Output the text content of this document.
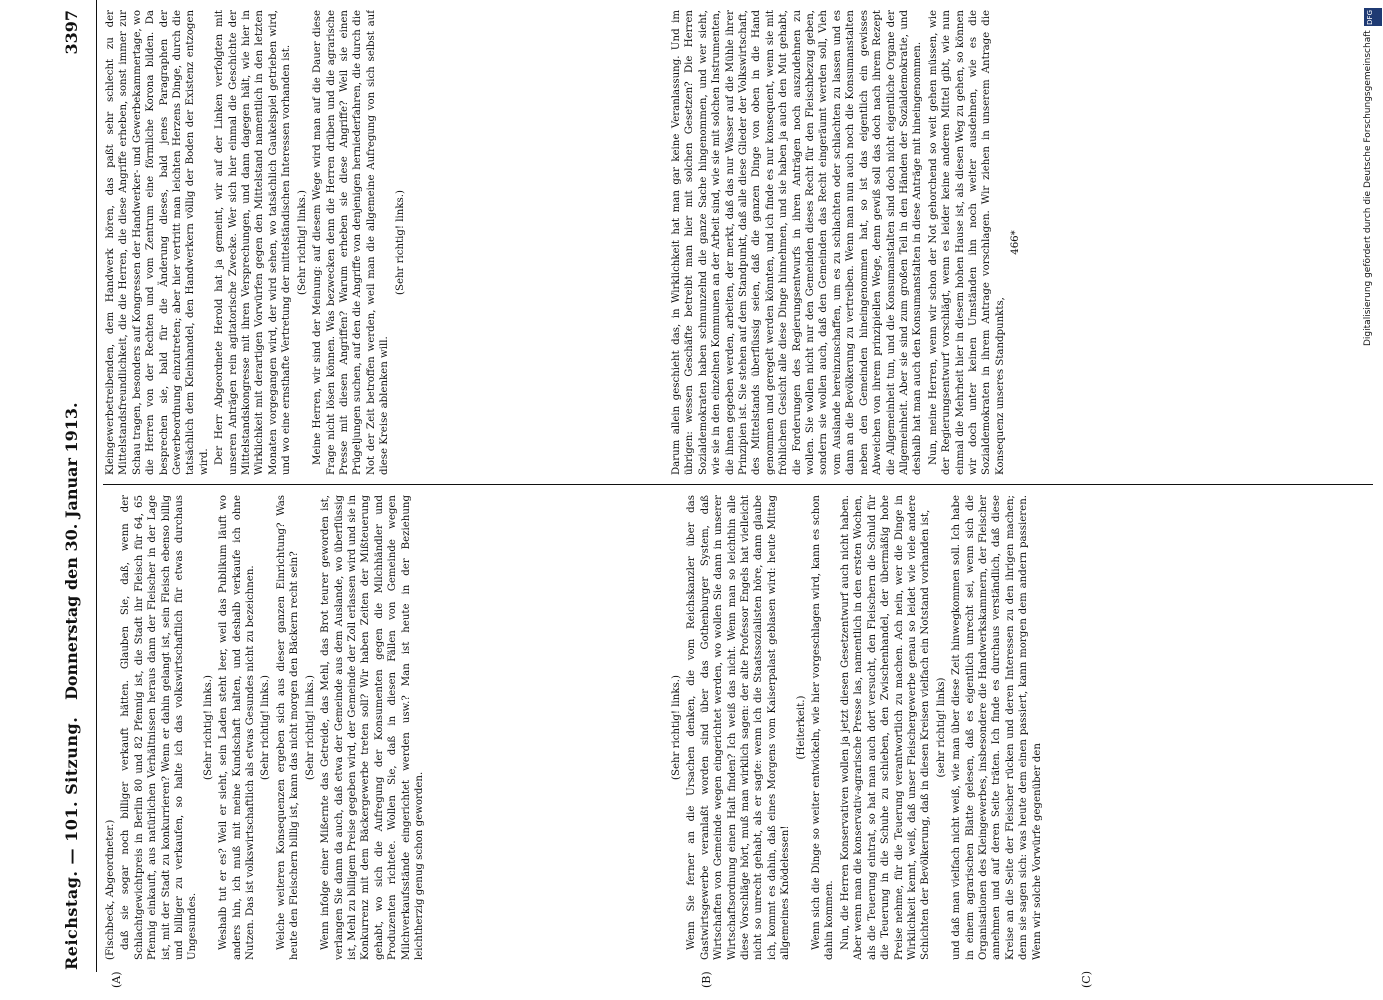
Reichstag. — 101. Sitzung.
Donnerstag den 30. Januar 1913.
3397
(A)	(B)	(C)

(Fischbeck, Abgeordneter.) daß sie sogar noch billiger verkauft hätten. Glauben Sie, daß, wenn der Schlachtgewichtpreis in Berlin 80 und 82 Pfennig ist, die Stadt ihr Fleisch für 64, 65 Pfennig einkauft, aus natürlichen Verhältnissen heraus dann der Fleischer in der Lage ist, mit der Stadt zu konkurrieren? Wenn er dahin gelangt ist, sein Fleisch ebenso billig und billiger zu verkaufen, so halte ich das volkswirtschaftlich für etwas durchaus Ungesundes.

(Sehr richtig! links.) Weshalb tut er es? Weil er sieht, sein Laden steht leer, weil das Publikum läuft wo anders hin, ich muß mit meine Kundschaft halten, und deshalb verkaufe ich ohne Nutzen. Das ist volkswirtschaftlich als etwas Gesundes nicht zu bezeichnen. (Sehr richtig! links.) Welche weiteren Konsequenzen ergeben sich aus dieser ganzen Einrichtung? Was heute den Fleischern billig ist, kann das nicht morgen den Bäckern recht sein? (Sehr richtig! links.) Wenn infolge einer Mißernte das Getreide, das Mehl, das Brot teurer geworden ist, verlangen Sie dann da auch, daß etwa der Gemeinde aus dem Auslande, wo überflüssig ist, Mehl zu billigem Preise gegeben wird, der Gemeinde der Zoll erlassen wird und sie in Konkurrenz mit dem Bäckergewerbe treten soll? Wir haben Zeiten der Mißteuerung gehabt, wo sich die Aufregung der Konsumenten gegen die Milchhändler und Produzenten richtete. Wollen Sie, daß in diesen Fällen von Gemeinde wegen Milchverkaufsstände eingerichtet werden usw.? Man ist heute in der Beziehung leichtherzig genug schon geworden.

(Sehr richtig! links.) Wenn Sie ferner an die Ursachen denken, die vom Reichskanzler über das Gastwirtsgewerbe veranlaßt worden sind über das Gothenburger System, daß Wirtschaften von Gemeinde wegen eingerichtet werden, wo wollen Sie dann in unserer Wirtschaftsordnung einen Halt finden? Ich weiß das nicht. Wenn man so leichthin alle diese Vorschläge hört, muß man wirklich sagen: der alte Professor Engels hat vielleicht nicht so unrecht gehabt, als er sagte: wenn ich die Staatssozialisten höre, dann glaube ich, kommt es dahin, daß eines Morgens vom Kaiserpalast geblasen wird: heute Mittag allgemeines Knödelessen!

(Heiterkeit.) Wenn sich die Dinge so weiter entwickeln, wie hier vorgeschlagen wird, kann es schon dahin kommen. Nun, die Herren Konservativen wollen ja jetzt diesen Gesetzentwurf auch nicht haben. Aber wenn man die konservativ-agrarische Presse las, namentlich in den ersten Wochen, als die Teuerung eintrat, so hat man auch dort versucht, den Fleischern die Schuld für die Teuerung in die Schuhe zu schieben, den Zwischenhandel, der übermäßig hohe Preise nehme, für die Teuerung verantwortlich zu machen. Ach nein, wer die Dinge in Wirklichkeit kennt, weiß, daß unser Fleischergewerbe genau so leidet wie viele andere Schichten der Bevölkerung, daß in diesen Kreisen vielfach ein Notstand vorhanden ist, (sehr richtig! links) und daß man vielfach nicht weiß, wie man über diese Zeit hinwegkommen soll. Ich habe in einem agrarischen Blatte gelesen, daß es eigentlich unrecht sei, wenn sich die Organisationen des Kleingewerbes, insbesondere die Handwerkskammern, der Fleischer annehmen und auf deren Seite träten. Ich finde es durchaus verständlich, daß diese Kreise an die Seite der Fleischer rücken und deren Interessen zu den ihrigen machen; denn sie sagen sich: was heute dem einen passiert, kann morgen dem andern passieren. Wenn wir solche Vorwürfe gegenüber den

Kleingewerbetreibenden, dem Handwerk hören, das paßt sehr schlecht zu der Mittelstandsfreundlichkeit, die die Herren, die diese Angriffe erheben, sonst immer zur Schau tragen, besonders auf Kongressen der Handwerker- und Gewerbekammertage, wo die Herren von der Rechten und vom Zentrum eine förmliche Korona bilden. Da besprechen sie, bald für die Änderung dieses, bald jenes Paragraphen der Gewerbeordnung einzutreten; aber hier vertritt man leichten Herzens Dinge, durch die tatsächlich dem Kleinhandel, den Handwerkern völlig der Boden der Existenz entzogen wird. Der Herr Abgeordnete Herold hat ja gemeint, wir auf der Linken verfolgten mit unseren Anträgen rein agitatorische Zwecke. Wer sich hier einmal die Geschichte der Mittelstandskongresse mit ihren Versprechungen, und dann dagegen hält, wie hier in Wirklichkeit mit derartigen Vorwürfen gegen den Mittelstand namentlich in den letzten Monaten vorgegangen wird, der wird sehen, wo tatsächlich Gaukelspiel getrieben wird, und wo eine ernsthafte Vertretung der mittelständischen Interessen vorhanden ist. (Sehr richtig! links.) Meine Herren, wir sind der Meinung: auf diesem Wege wird man auf die Dauer diese Frage nicht lösen können. Was bezwecken denn die Herren drüben und die agrarische Presse mit diesen Angriffen? Warum erheben sie diese Angriffe? Weil sie einen Prügeljungen suchen, auf den die Angriffe von denjenigen herniederfahren, die durch die Not der Zeit betroffen werden, weil man die allgemeine Aufregung von sich selbst auf diese Kreise ablenken will.

(Sehr richtig! links.)	Darum allein geschieht das, in Wirklichkeit hat man gar keine Veranlassung. Und im übrigen: wessen Geschäfte betreibt man hier mit solchen Gesetzen? Die Herren Sozialdemokraten haben schmunzelnd die ganze Sache hingenommen, und wer sieht, wie sie in den einzelnen Kommunen an der Arbeit sind, wie sie mit solchen Instrumenten, die ihnen gegeben werden, arbeiten, der merkt, daß das nur Wasser auf die Mühle ihrer Prinzipien ist. Sie stehen auf dem Standpunkt, daß alle diese Glieder der Volkswirtschaft, des Mittelstands überflüssig seien, daß die ganzen Dinge von oben in die Hand genommen und geregelt werden könnten, und ich finde es nur konsequent, wenn sie mit fröhlichem Gesicht alle diese Dinge hinnehmen, und sie haben ja auch den Mut gehabt, die Forderungen des Regierungsentwurfs in ihren Anträgen noch auszudehnen zu wollen. Sie wollen nicht nur den Gemeinden dieses Recht für den Fleischbezug geben, sondern sie wollen auch, daß den Gemeinden das Recht eingeräumt werden soll, Vieh vom Auslande hereinzuschaffen, um es zu schlachten oder schlachten zu lassen und es dann an die Bevölkerung zu vertreiben. Wenn man nun auch noch die Konsumanstalten neben den Gemeinden hineingenommen hat, so ist das eigentlich ein gewisses Abweichen von ihrem prinzipiellen Wege, denn gewiß soll das doch nach ihrem Rezept die Allgemeinheit tun, und die Konsumanstalten sind doch nicht eigentliche Organe der Allgemeinheit. Aber sie sind zum großen Teil in den Händen der Sozialdemokratie, und deshalb hat man auch den Konsumanstalten in diese Anträge mit hineingenommen. Nun, meine Herren, wenn wir schon der Not gehorchend so weit gehen müssen, wie der Regierungsentwurf vorschlägt, wenn es leider keine anderen Mittel gibt, wie nun einmal die Mehrheit hier in diesem hohen Hause ist, als diesen Weg zu gehen, so können wir doch unter keinen Umständen ihn noch weiter ausdehnen, wie es die Sozialdemokraten in ihrem Antrage vorschlagen. Wir ziehen in unserem Antrage die Konsequenz unseres Standpunkts,

466*

DFG
Digitalisierung gefördert durch die Deutsche Forschungsgemeinschaft
